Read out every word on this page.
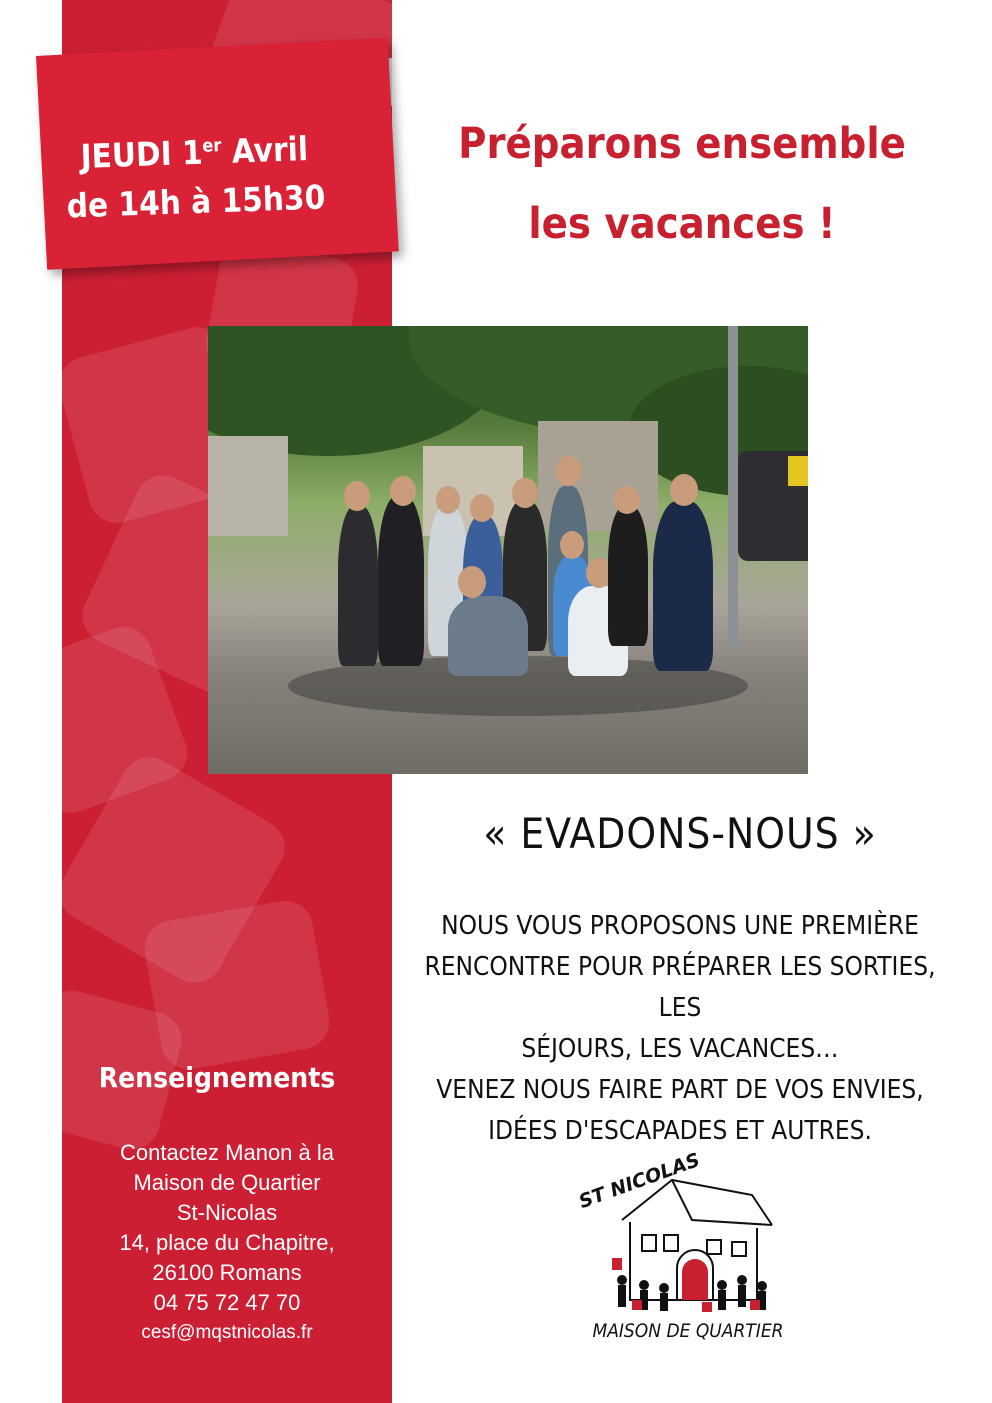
JEUDI 1er Avril
de 14h à 15h30
Préparons ensemble
les vacances !
« EVADONS-NOUS »
NOUS VOUS PROPOSONS UNE PREMIÈRE
RENCONTRE POUR PRÉPARER LES SORTIES, LES
SÉJOURS, LES VACANCES…
VENEZ NOUS FAIRE PART DE VOS ENVIES,
IDÉES D'ESCAPADES ET AUTRES.
Renseignements
Contactez Manon à la
Maison de Quartier
St-Nicolas
14, place du Chapitre,
26100 Romans
04 75 72 47 70
cesf@mqstnicolas.fr
ST NICOLAS
MAISON DE QUARTIER
